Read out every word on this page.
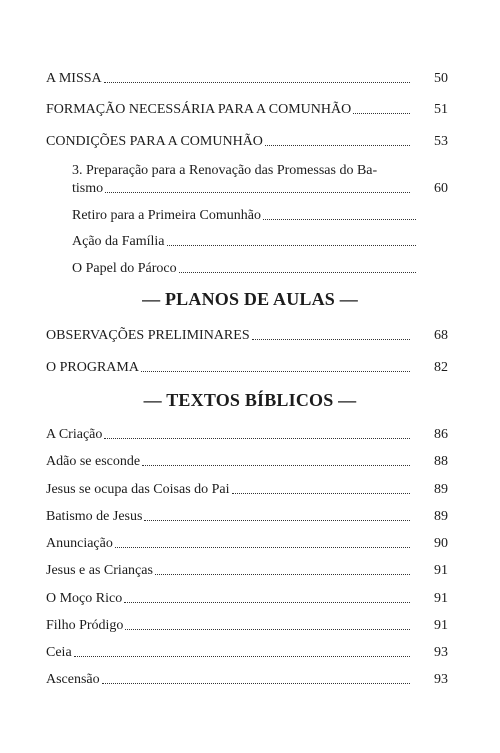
A MISSA	50
FORMAÇÃO NECESSÁRIA PARA A COMUNHÃO	51
CONDIÇÕES PARA A COMUNHÃO	53
3. Preparação para a Renovação das Promessas do Ba-
tismo	60
Retiro para a Primeira Comunhão
Ação da Família
O Papel do Pároco
— PLANOS DE AULAS —
OBSERVAÇÕES PRELIMINARES	68
O PROGRAMA	82
— TEXTOS BÍBLICOS —
A Criação	86
Adão se esconde	88
Jesus se ocupa das Coisas do Pai	89
Batismo de Jesus	89
Anunciação	90
Jesus e as Crianças	91
O Moço Rico	91
Filho Pródigo	91
Ceia	93
Ascensão	93
